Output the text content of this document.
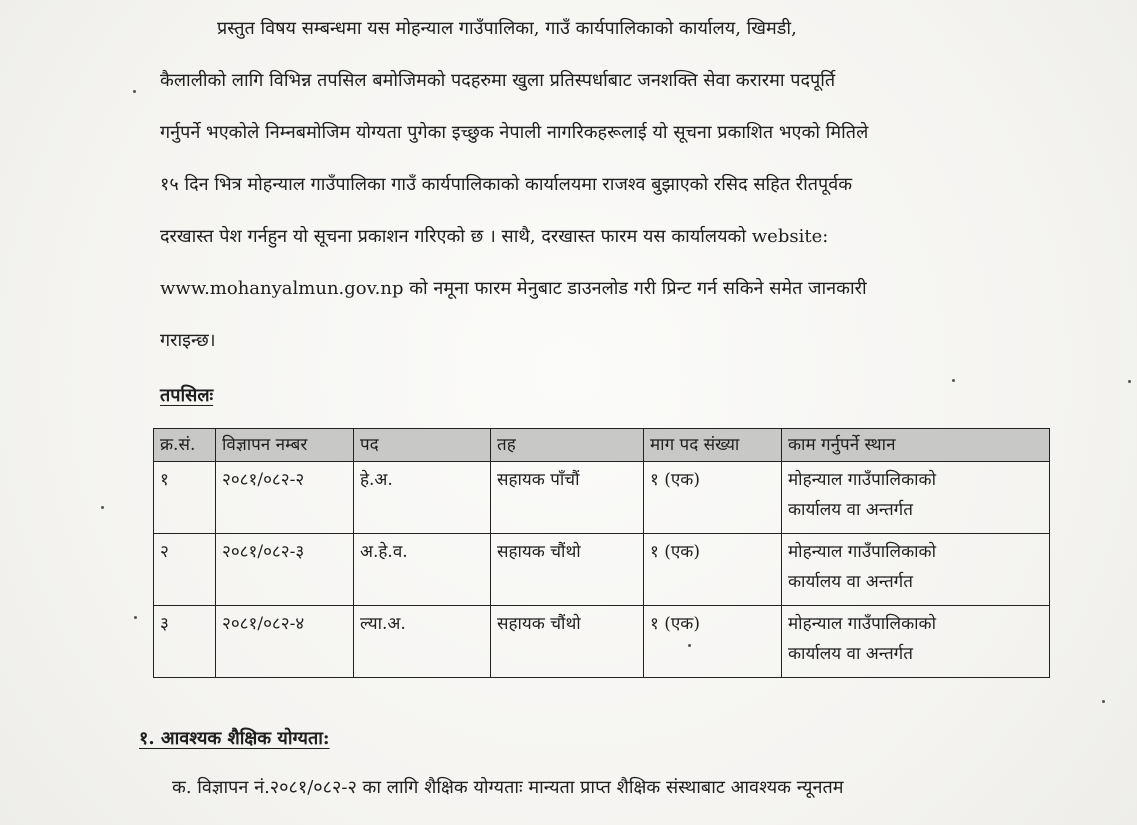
प्रस्तुत विषय सम्बन्धमा यस मोहन्याल गाउँपालिका, गाउँ कार्यपालिकाको कार्यालय, खिमडी,
कैलालीको लागि विभिन्न तपसिल बमोजिमको पदहरुमा खुला प्रतिस्पर्धाबाट जनशक्ति सेवा करारमा पदपूर्ति
गर्नुपर्ने भएकोले निम्नबमोजिम योग्यता पुगेका इच्छुक नेपाली नागरिकहरूलाई यो सूचना प्रकाशित भएको मितिले
१५ दिन भित्र मोहन्याल गाउँपालिका गाउँ कार्यपालिकाको कार्यालयमा राजश्व बुझाएको रसिद सहित रीतपूर्वक
दरखास्त पेश गर्नहुन यो सूचना प्रकाशन गरिएको छ । साथै, दरखास्त फारम यस कार्यालयको website:
www.mohanyalmun.gov.np को नमूना फारम मेनुबाट डाउनलोड गरी प्रिन्ट गर्न सकिने समेत जानकारी
गराइन्छ।
तपसिलः
क्र.सं.	विज्ञापन नम्बर	पद	तह	माग पद संख्या	काम गर्नुपर्ने स्थान
१	२०८१/०८२-२	हे.अ.	सहायक पाँचौं	१ (एक)	मोहन्याल गाउँपालिकाको
कार्यालय वा अन्तर्गत
२	२०८१/०८२-३	अ.हे.व.	सहायक चौंथो	१ (एक)	मोहन्याल गाउँपालिकाको
कार्यालय वा अन्तर्गत
३	२०८१/०८२-४	ल्या.अ.	सहायक चौंथो	१ (एक)	मोहन्याल गाउँपालिकाको
कार्यालय वा अन्तर्गत
१. आवश्यक शैक्षिक योग्यता:

क. विज्ञापन नं.२०८१/०८२-२ का लागि शैक्षिक योग्यताः मान्यता प्राप्त शैक्षिक संस्थाबाट आवश्यक न्यूनतम
